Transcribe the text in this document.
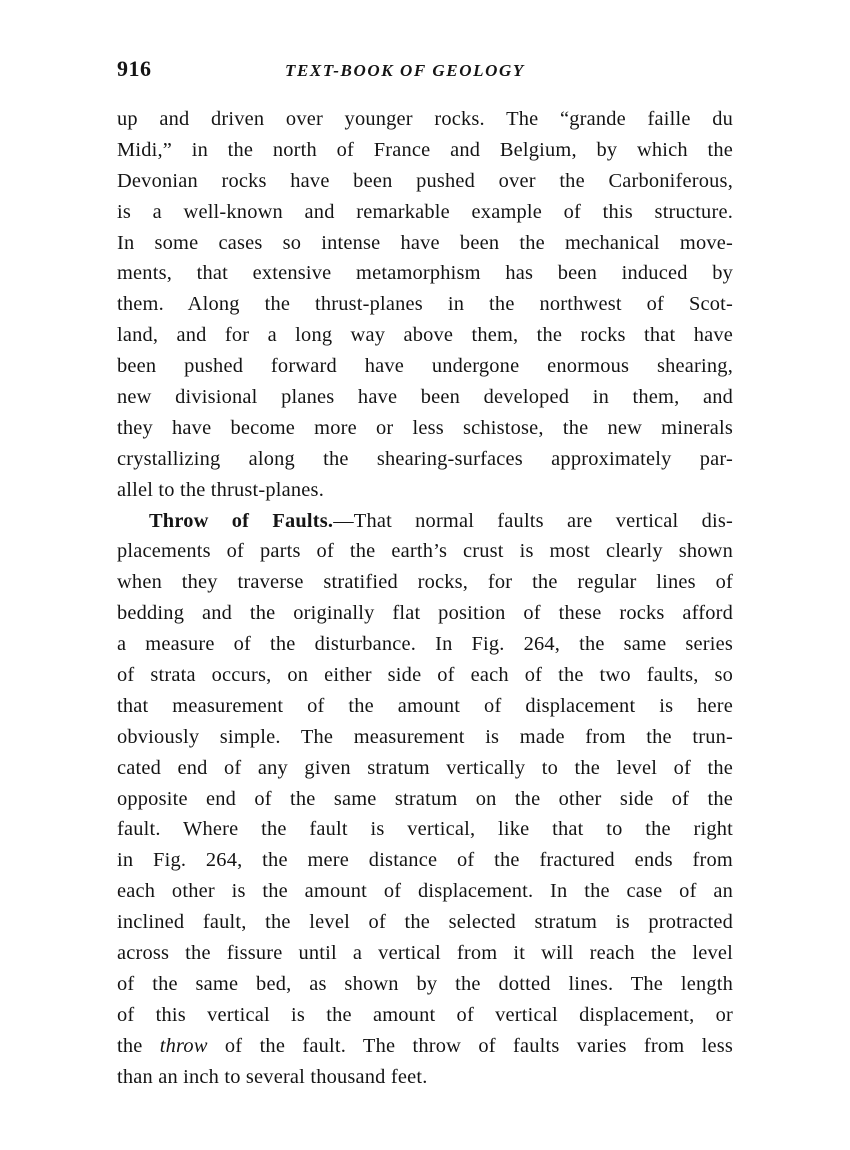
916	TEXT-BOOK OF GEOLOGY
up and driven over younger rocks. The “grande faille du
Midi,” in the north of France and Belgium, by which the
Devonian rocks have been pushed over the Carboniferous,
is a well-known and remarkable example of this structure.
In some cases so intense have been the mechanical move-
ments, that extensive metamorphism has been induced by
them. Along the thrust-planes in the northwest of Scot-
land, and for a long way above them, the rocks that have
been pushed forward have undergone enormous shearing,
new divisional planes have been developed in them, and
they have become more or less schistose, the new minerals
crystallizing along the shearing-surfaces approximately par-
allel to the thrust-planes.
Throw of Faults.—That normal faults are vertical dis-
placements of parts of the earth’s crust is most clearly shown
when they traverse stratified rocks, for the regular lines of
bedding and the originally flat position of these rocks afford
a measure of the disturbance. In Fig. 264, the same series
of strata occurs, on either side of each of the two faults, so
that measurement of the amount of displacement is here
obviously simple. The measurement is made from the trun-
cated end of any given stratum vertically to the level of the
opposite end of the same stratum on the other side of the
fault. Where the fault is vertical, like that to the right
in Fig. 264, the mere distance of the fractured ends from
each other is the amount of displacement. In the case of an
inclined fault, the level of the selected stratum is protracted
across the fissure until a vertical from it will reach the level
of the same bed, as shown by the dotted lines. The length
of this vertical is the amount of vertical displacement, or
the throw of the fault. The throw of faults varies from less
than an inch to several thousand feet.
